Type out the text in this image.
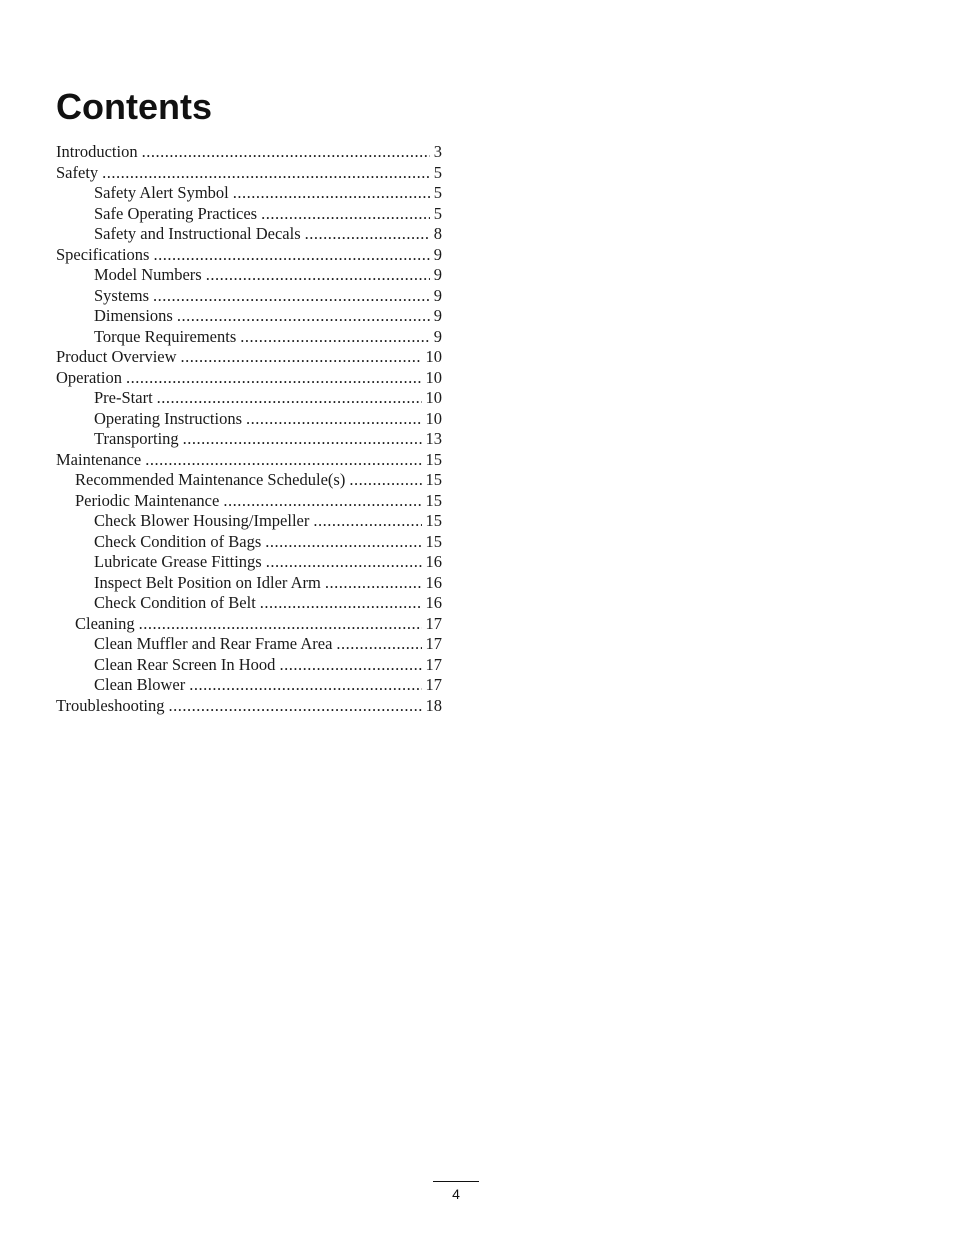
Contents
Introduction .....	3
Safety .....	5
Safety Alert Symbol .....	5
Safe Operating Practices .....	5
Safety and Instructional Decals .....	8
Specifications .....	9
Model Numbers .....	9
Systems .....	9
Dimensions .....	9
Torque Requirements .....	9
Product Overview .....	10
Operation .....	10
Pre-Start .....	10
Operating Instructions .....	10
Transporting .....	13
Maintenance .....	15
Recommended Maintenance Schedule(s) .....	15
Periodic Maintenance .....	15
Check Blower Housing/Impeller .....	15
Check Condition of Bags .....	15
Lubricate Grease Fittings .....	16
Inspect Belt Position on Idler Arm .....	16
Check Condition of Belt .....	16
Cleaning .....	17
Clean Muffler and Rear Frame Area .....	17
Clean Rear Screen In Hood .....	17
Clean Blower .....	17
Troubleshooting .....	18
4
